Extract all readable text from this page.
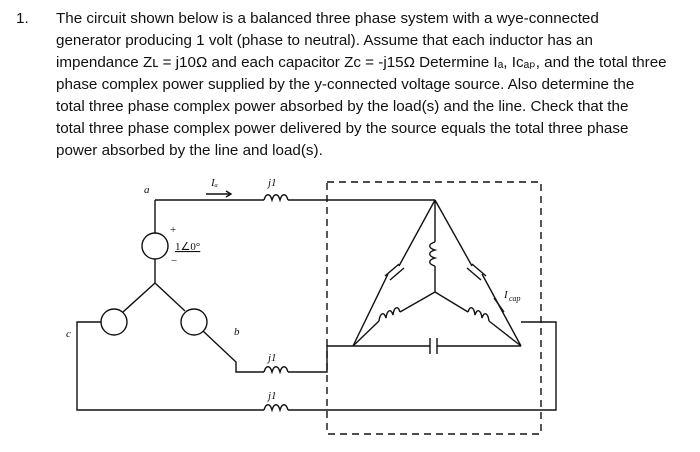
1. The circuit shown below is a balanced three phase system with a wye-connected
generator producing 1 volt (phase to neutral). Assume that each inductor has an
impendance Zʟ = j10Ω and each capacitor Zᴄ = -j15Ω Determine Iₐ, Iᴄₐₚ, and the total three
phase complex power supplied by the y-connected voltage source. Also determine the
total three phase complex power absorbed by the load(s) and the line. Check that the
total three phase complex power delivered by the source equals the total three phase
power absorbed by the line and load(s).
a
b
c
Iₐ	j1
j1
j1
+
−
1∠0°
I cap
